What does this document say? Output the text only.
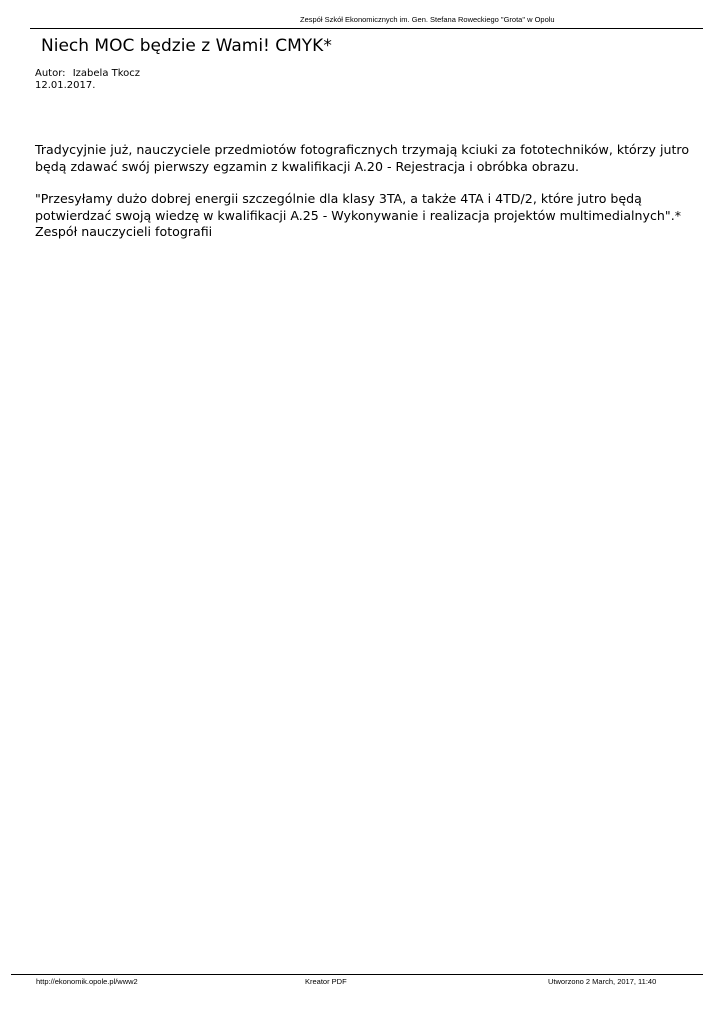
Zespół Szkół Ekonomicznych im. Gen. Stefana Roweckiego "Grota" w Opolu
Niech MOC będzie z Wami! CMYK*
Autor: Izabela Tkocz
12.01.2017.

Tradycyjnie już, nauczyciele przedmiotów fotograficznych trzymają kciuki za fototechników, którzy jutro
będą zdawać swój pierwszy egzamin z kwalifikacji A.20 - Rejestracja i obróbka obrazu.

"Przesyłamy dużo dobrej energii szczególnie dla klasy 3TA, a także 4TA i 4TD/2, które jutro będą
potwierdzać swoją wiedzę w kwalifikacji A.25 - Wykonywanie i realizacja projektów multimedialnych".*
Zespół nauczycieli fotografii

http://ekonomik.opole.pl/www2	Kreator PDF	Utworzono 2 March, 2017, 11:40
